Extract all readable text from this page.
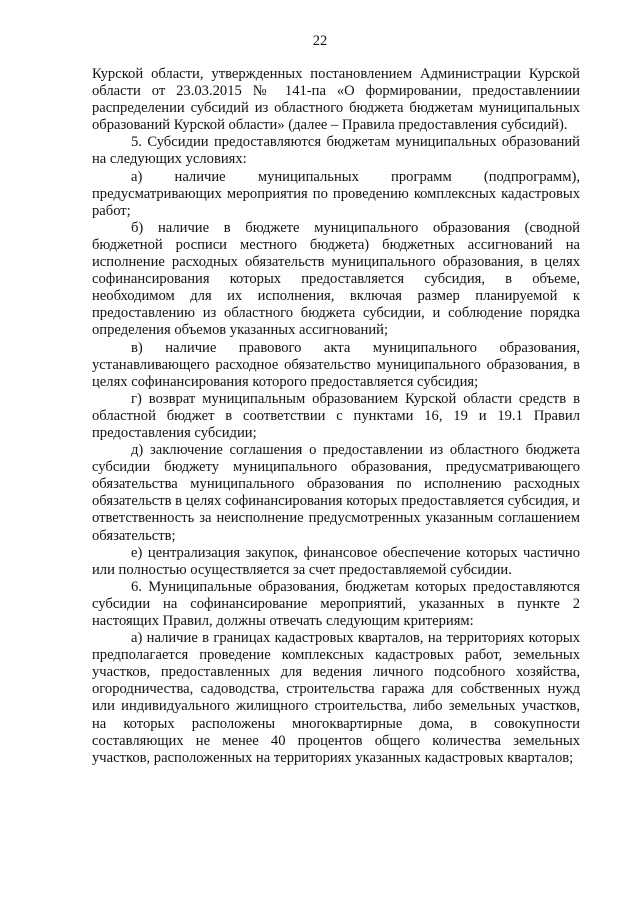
22

Курской области, утвержденных постановлением Администрации Курской области от 23.03.2015 № 141-па «О формировании, предоставлениии распределении субсидий из областного бюджета бюджетам муниципальных образований Курской области» (далее – Правила предоставления субсидий).

5. Субсидии предоставляются бюджетам муниципальных образований на следующих условиях:

а) наличие муниципальных программ (подпрограмм), предусматривающих мероприятия по проведению комплексных кадастровых работ;

б) наличие в бюджете муниципального образования (сводной бюджетной росписи местного бюджета) бюджетных ассигнований на исполнение расходных обязательств муниципального образования, в целях софинансирования которых предоставляется субсидия, в объеме, необходимом для их исполнения, включая размер планируемой к предоставлению из областного бюджета субсидии, и соблюдение порядка определения объемов указанных ассигнований;

в) наличие правового акта муниципального образования, устанавливающего расходное обязательство муниципального образования, в целях софинансирования которого предоставляется субсидия;

г) возврат муниципальным образованием Курской области средств в областной бюджет в соответствии с пунктами 16, 19 и 19.1 Правил предоставления субсидии;

д) заключение соглашения о предоставлении из областного бюджета субсидии бюджету муниципального образования, предусматривающего обязательства муниципального образования по исполнению расходных обязательств в целях софинансирования которых предоставляется субсидия, и ответственность за неисполнение предусмотренных указанным соглашением обязательств;

е) централизация закупок, финансовое обеспечение которых частично или полностью осуществляется за счет предоставляемой субсидии.

6. Муниципальные образования, бюджетам которых предоставляются субсидии на софинансирование мероприятий, указанных в пункте 2 настоящих Правил, должны отвечать следующим критериям:

а) наличие в границах кадастровых кварталов, на территориях которых предполагается проведение комплексных кадастровых работ, земельных участков, предоставленных для ведения личного подсобного хозяйства, огородничества, садоводства, строительства гаража для собственных нужд или индивидуального жилищного строительства, либо земельных участков, на которых расположены многоквартирные дома, в совокупности составляющих не менее 40 процентов общего количества земельных участков, расположенных на территориях указанных кадастровых кварталов;
